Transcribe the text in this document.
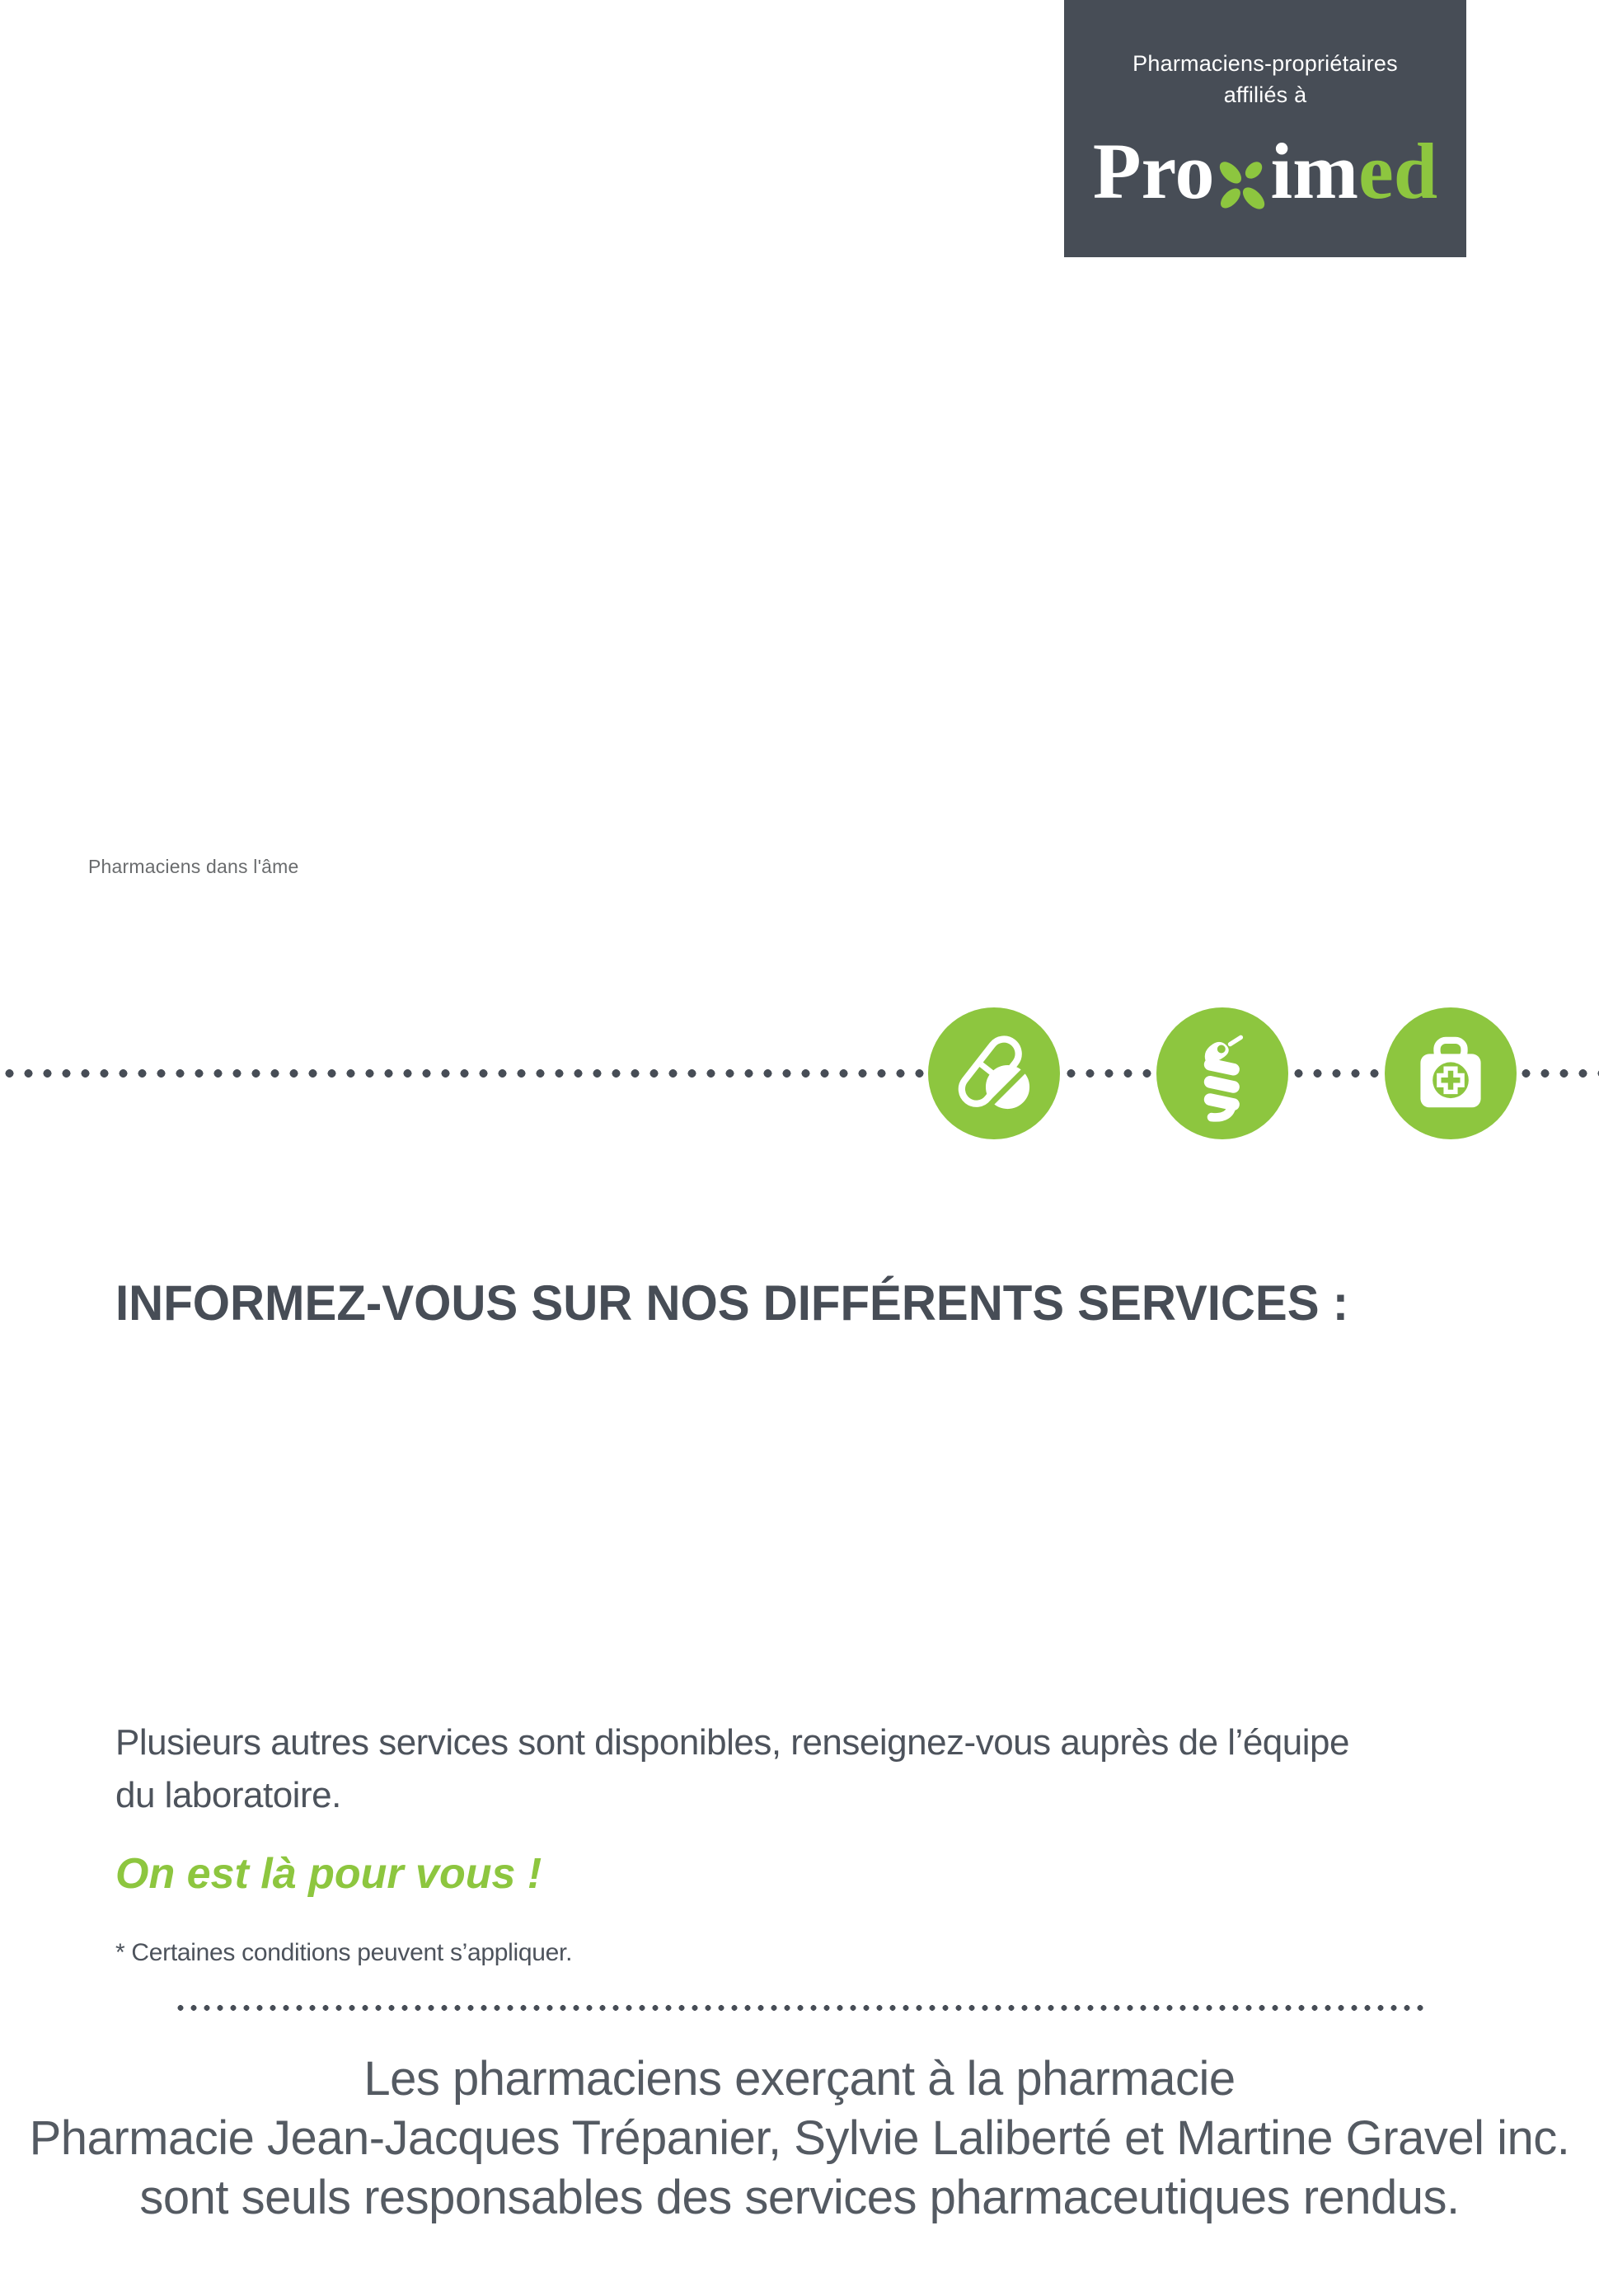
Pharmaciens-propriétaires
affiliés à
Pro im ed
Pharmaciens dans l'âme
INFORMEZ-VOUS SUR NOS DIFFÉRENTS SERVICES :
Plusieurs autres services sont disponibles, renseignez-vous auprès de l’équipe
du laboratoire.
On est là pour vous !
* Certaines conditions peuvent s’appliquer.
Les pharmaciens exerçant à la pharmacie
Pharmacie Jean-Jacques Trépanier, Sylvie Laliberté et Martine Gravel inc.
sont seuls responsables des services pharmaceutiques rendus.
